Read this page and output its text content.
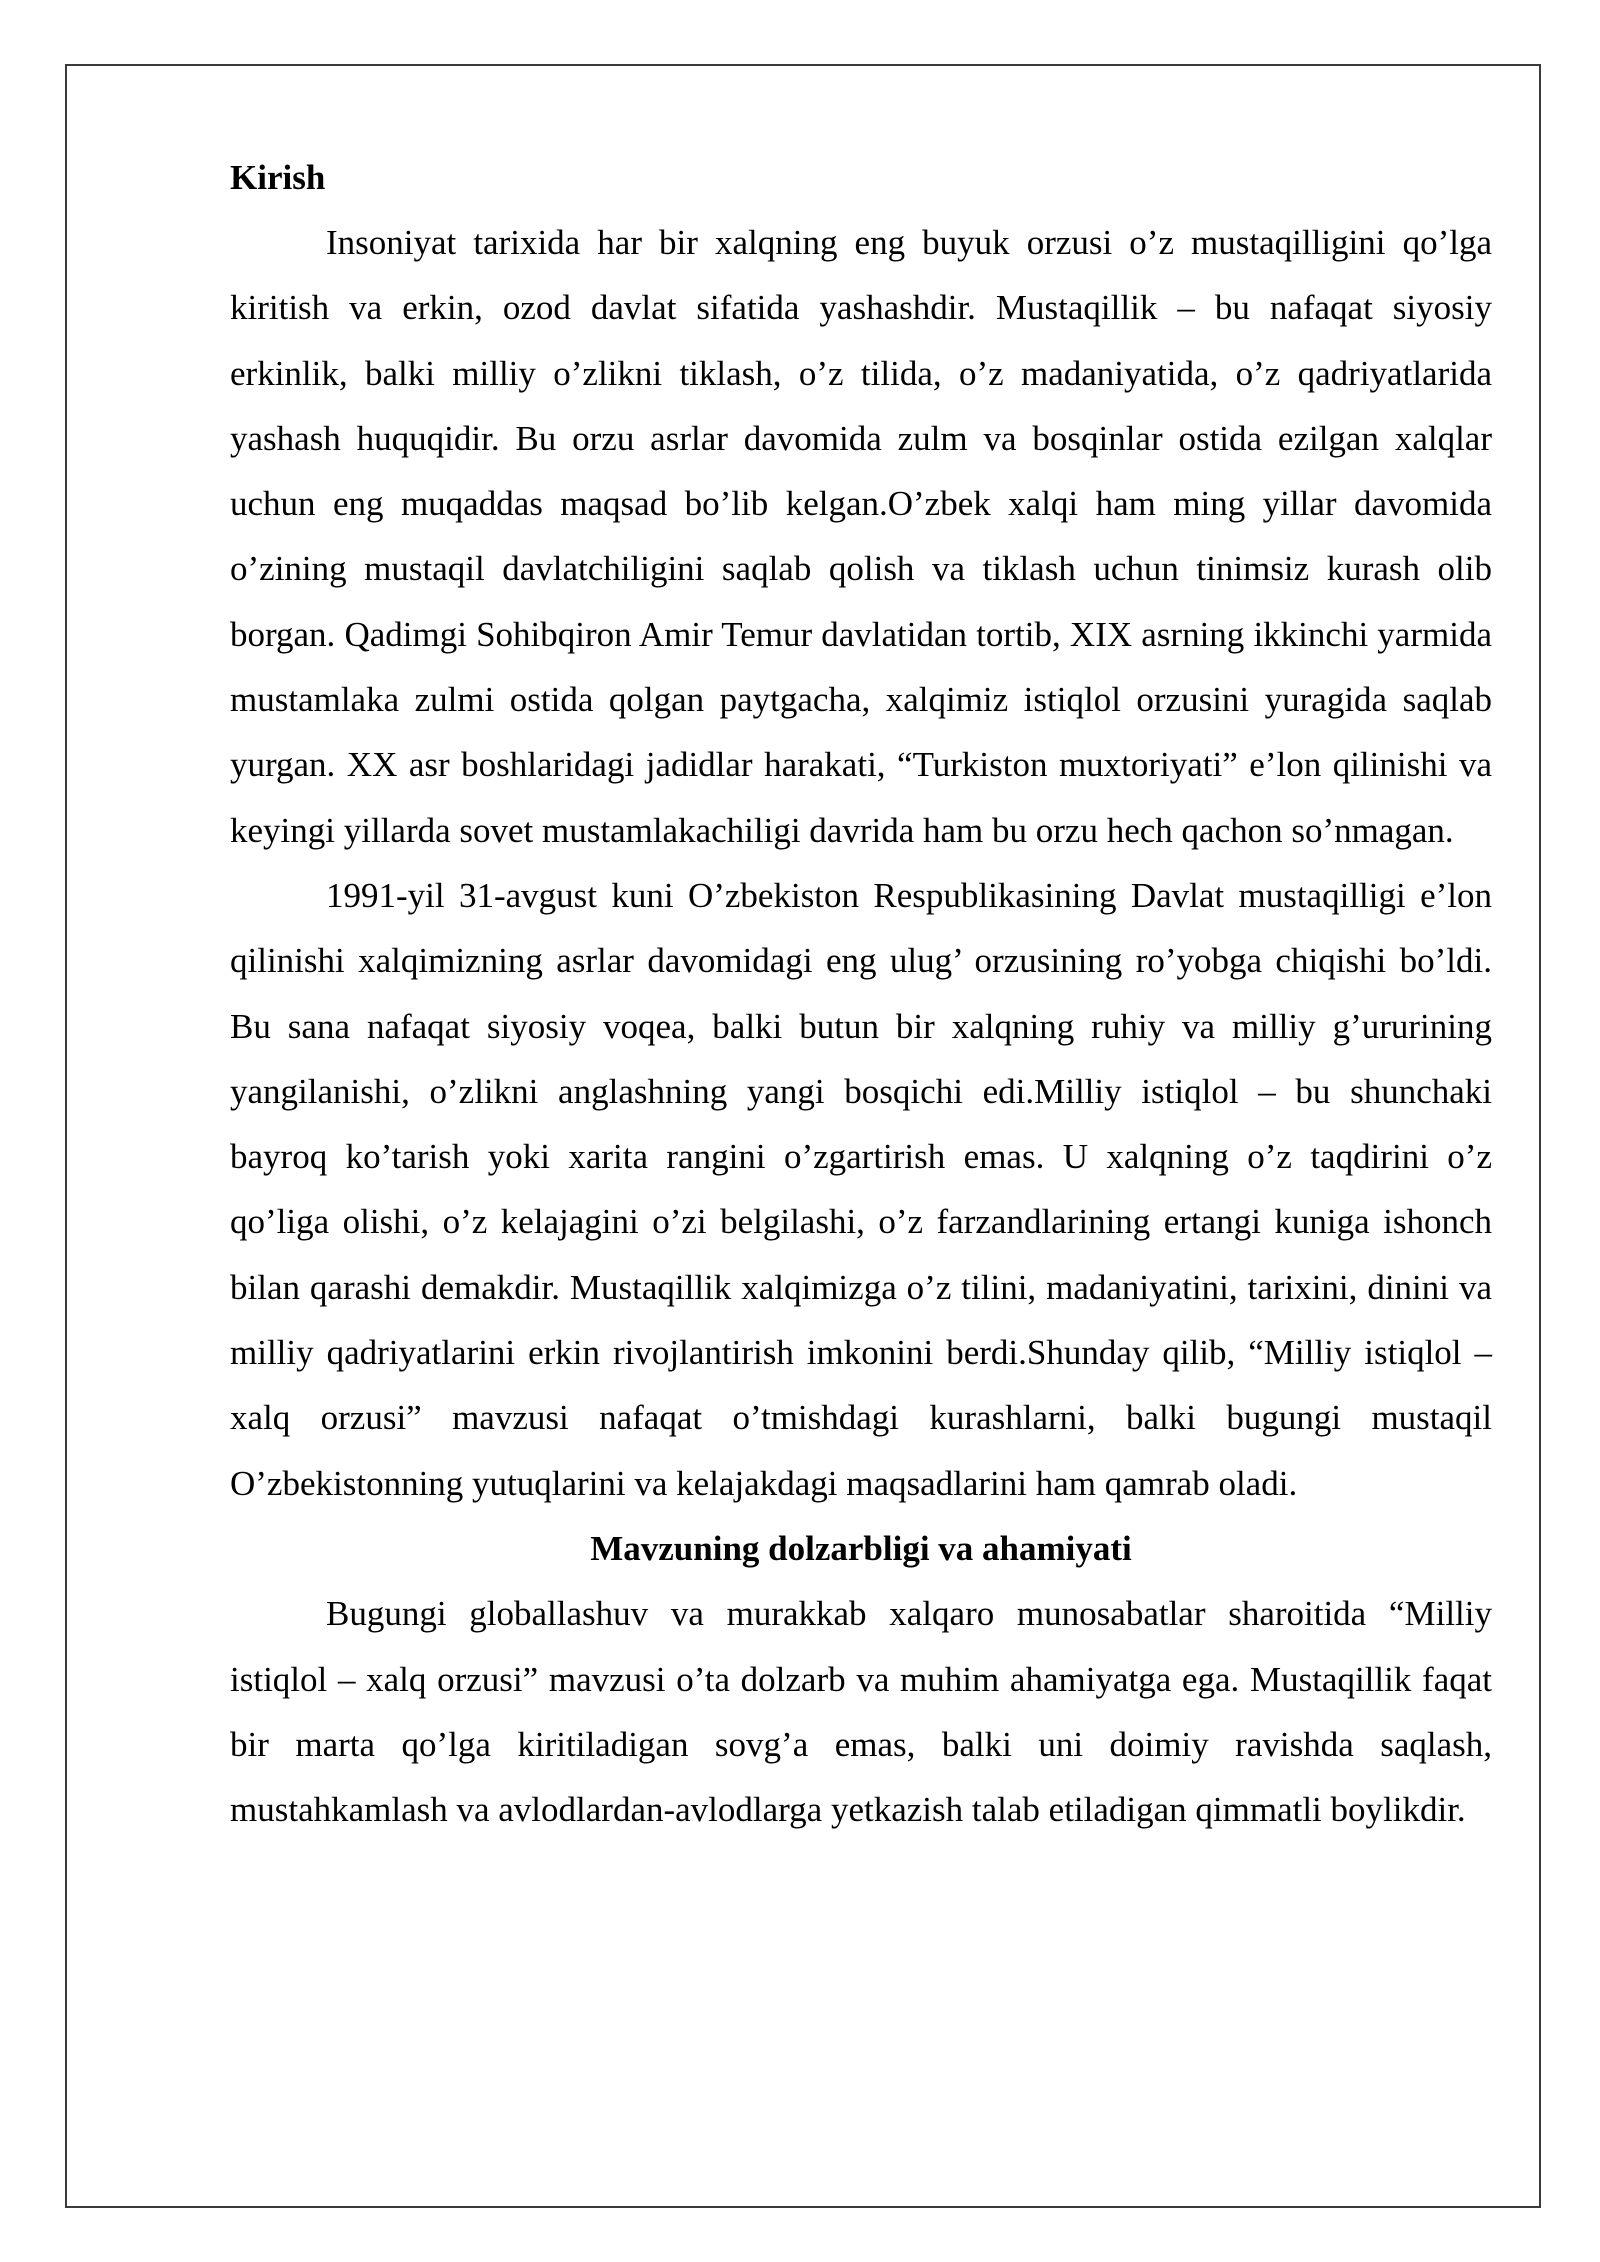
Kirish

Insoniyat tarixida har bir xalqning eng buyuk orzusi o’z mustaqilligini qo’lga kiritish va erkin, ozod davlat sifatida yashashdir. Mustaqillik – bu nafaqat siyosiy erkinlik, balki milliy o’zlikni tiklash, o’z tilida, o’z madaniyatida, o’z qadriyatlarida yashash huquqidir. Bu orzu asrlar davomida zulm va bosqinlar ostida ezilgan xalqlar uchun eng muqaddas maqsad bo’lib kelgan.O’zbek xalqi ham ming yillar davomida o’zining mustaqil davlatchiligini saqlab qolish va tiklash uchun tinimsiz kurash olib borgan. Qadimgi Sohibqiron Amir Temur davlatidan tortib, XIX asrning ikkinchi yarmida mustamlaka zulmi ostida qolgan paytgacha, xalqimiz istiqlol orzusini yuragida saqlab yurgan. XX asr boshlaridagi jadidlar harakati, “Turkiston muxtoriyati” e’lon qilinishi va keyingi yillarda sovet mustamlakachiligi davrida ham bu orzu hech qachon so’nmagan.

1991-yil 31-avgust kuni O’zbekiston Respublikasining Davlat mustaqilligi e’lon qilinishi xalqimizning asrlar davomidagi eng ulug’ orzusining ro’yobga chiqishi bo’ldi. Bu sana nafaqat siyosiy voqea, balki butun bir xalqning ruhiy va milliy g’ururining yangilanishi, o’zlikni anglashning yangi bosqichi edi.Milliy istiqlol – bu shunchaki bayroq ko’tarish yoki xarita rangini o’zgartirish emas. U xalqning o’z taqdirini o’z qo’liga olishi, o’z kelajagini o’zi belgilashi, o’z farzandlarining ertangi kuniga ishonch bilan qarashi demakdir. Mustaqillik xalqimizga o’z tilini, madaniyatini, tarixini, dinini va milliy qadriyatlarini erkin rivojlantirish imkonini berdi.Shunday qilib, “Milliy istiqlol – xalq orzusi” mavzusi nafaqat o’tmishdagi kurashlarni, balki bugungi mustaqil O’zbekistonning yutuqlarini va kelajakdagi maqsadlarini ham qamrab oladi.

Mavzuning dolzarbligi va ahamiyati

Bugungi globallashuv va murakkab xalqaro munosabatlar sharoitida “Milliy istiqlol – xalq orzusi” mavzusi o’ta dolzarb va muhim ahamiyatga ega. Mustaqillik faqat bir marta qo’lga kiritiladigan sovg’a emas, balki uni doimiy ravishda saqlash, mustahkamlash va avlodlardan-avlodlarga yetkazish talab etiladigan qimmatli boylikdir.
